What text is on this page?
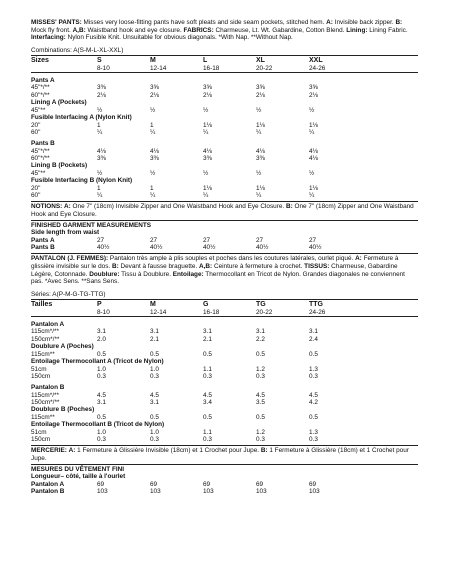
MISSES' PANTS: Misses very loose-fitting pants have soft pleats and side seam pockets, stitched hem. A: Invisible back zipper. B: Mock fly front. A,B: Waistband hook and eye closure. FABRICS: Charmeuse, Lt. Wt. Gabardine, Cotton Blend. Lining: Lining Fabric. Interfacing: Nylon Fusible Knit. Unsuitable for obvious diagonals. *With Nap. **Without Nap.

Combinations: A(S-M-L-XL-XXL)
Sizes	S	M	L	XL	XXL
8-10	12-14	16-18	20-22	24-26
Pants A
45"*/**	3⅜	3⅝	3⅝	3⅝	3⅝
60"*/**	2⅛	2⅛	2⅛	2⅛	2⅛
Lining A (Pockets)
45"**	½	½	½	½	½
Fusible Interfacing A (Nylon Knit)
20"	1	1	1⅛	1⅛	1⅛
60"	¼	¼	¼	¼	¼
Pants B
45"*/**	4⅛	4⅛	4⅛	4⅛	4⅛
60"*/**	3⅜	3⅜	3⅜	3⅜	4⅛
Lining B (Pockets)
45"**	½	½	½	½	½
Fusible Interfacing B (Nylon Knit)
20"	1	1	1⅛	1⅛	1⅛
60"	¼	¼	¼	¼	¼
NOTIONS: A: One 7" (18cm) Invisible Zipper and One Waistband Hook and Eye Closure. B: One 7" (18cm) Zipper and One Waistband Hook and Eye Closure.
FINISHED GARMENT MEASUREMENTS
Side length from waist
Pants A	27	27	27	27	27
Pants B	40½	40½	40½	40½	40½
PANTALON (J. FEMMES): Pantalon très ample à plis souples et poches dans les coutures latérales, ourlet piqué. A: Fermeture à glissière invisible sur le dos. B: Devant à fausse braguette. A,B: Ceinture à fermeture à crochet. TISSUS: Charmeuse, Gabardine Légère, Cotonnade. Doublure: Tissu à Doublure. Entoilage: Thermocollant en Tricot de Nylon. Grandes diagonales ne conviennent pas. *Avec Sens. **Sans Sens.
Séries: A(P-M-G-TG-TTG)
Tailles	P	M	G	TG	TTG
8-10	12-14	16-18	20-22	24-26
Pantalon A
115cm*/**	3.1	3.1	3.1	3.1	3.1
150cm*/**	2.0	2.1	2.1	2.2	2.4
Doublure A (Poches)
115cm**	0.5	0.5	0.5	0.5	0.5
Entoilage Thermocollant A (Tricot de Nylon)
51cm	1.0	1.0	1.1	1.2	1.3
150cm	0.3	0.3	0.3	0.3	0.3
Pantalon B
115cm*/**	4.5	4.5	4.5	4.5	4.5
150cm*/**	3.1	3.1	3.4	3.5	4.2
Doublure B (Poches)
115cm**	0.5	0.5	0.5	0.5	0.5
Entoilage Thermocollant B (Tricot de Nylon)
51cm	1.0	1.0	1.1	1.2	1.3
150cm	0.3	0.3	0.3	0.3	0.3
MERCERIE: A: 1 Fermeture à Glissière Invisible (18cm) et 1 Crochet pour Jupe. B: 1 Fermeture à Glissière (18cm) et 1 Crochet pour Jupe.
MESURES DU VÊTEMENT FINI
Longueur– côté, taille à l'ourlet
Pantalon A	69	69	69	69	69
Pantalon B	103	103	103	103	103
